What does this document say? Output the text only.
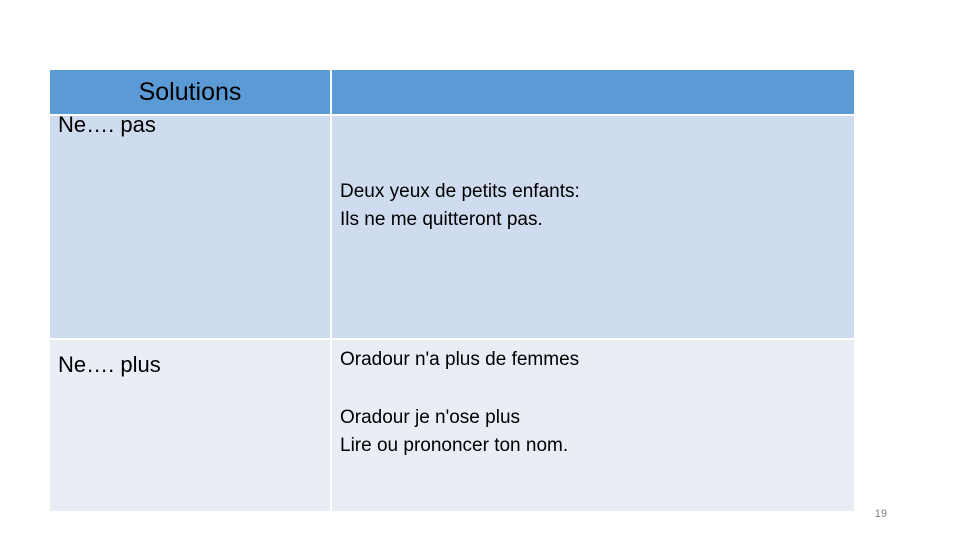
Solutions
Ne…. pas
Ne…. plus
Deux yeux de petits enfants:
Ils ne me quitteront pas.
Oradour n'a plus de femmes
Oradour je n'ose plus
Lire ou prononcer ton nom.
19
